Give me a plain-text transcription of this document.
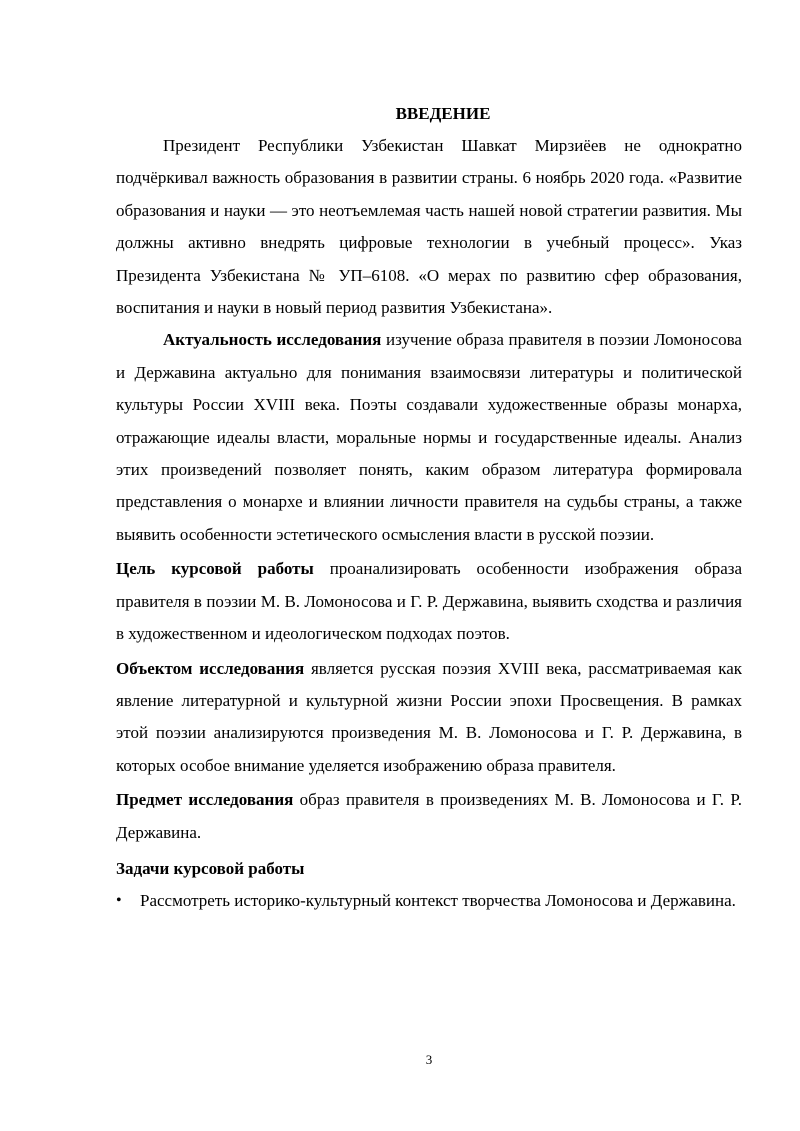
ВВЕДЕНИЕ

Президент Республики Узбекистан Шавкат Мирзиёев не однократно подчёркивал важность образования в развитии страны. 6 ноябрь 2020 года. «Развитие образования и науки — это неотъемлемая часть нашей новой стратегии развития. Мы должны активно внедрять цифровые технологии в учебный процесс». Указ Президента Узбекистана № УП–6108. «О мерах по развитию сфер образования, воспитания и науки в новый период развития Узбекистана».

Актуальность исследования изучение образа правителя в поэзии Ломоносова и Державина актуально для понимания взаимосвязи литературы и политической культуры России XVIII века. Поэты создавали художественные образы монарха, отражающие идеалы власти, моральные нормы и государственные идеалы. Анализ этих произведений позволяет понять, каким образом литература формировала представления о монархе и влиянии личности правителя на судьбы страны, а также выявить особенности эстетического осмысления власти в русской поэзии.

Цель курсовой работы проанализировать особенности изображения образа правителя в поэзии М. В. Ломоносова и Г. Р. Державина, выявить сходства и различия в художественном и идеологическом подходах поэтов.

Объектом исследования является русская поэзия XVIII века, рассматриваемая как явление литературной и культурной жизни России эпохи Просвещения. В рамках этой поэзии анализируются произведения М. В. Ломоносова и Г. Р. Державина, в которых особое внимание уделяется изображению образа правителя.

Предмет исследования образ правителя в произведениях М. В. Ломоносова и Г. Р. Державина.

Задачи курсовой работы

• Рассмотреть историко-культурный контекст творчества Ломоносова и Державина.
3
